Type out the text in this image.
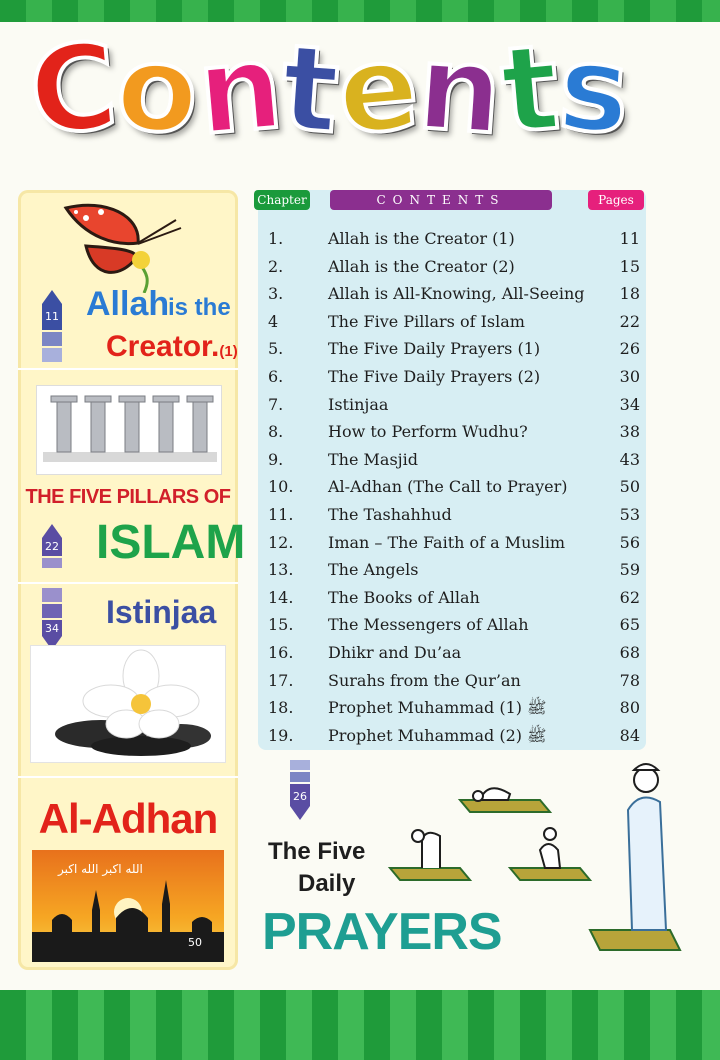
Contents
11 Allah
is the
Creator.(1)
THE FIVE PILLARS OF
22 ISLAM
34 Istinjaa
Al-Adhan
الله اكبر الله اكبر
50
Chapter	CONTENTS	Pages
1.	Allah is the Creator (1)	11
2.	Allah is the Creator (2)	15
3.	Allah is All-Knowing, All-Seeing 18
4	The Five Pillars of Islam	22
5.	The Five Daily Prayers (1)	26
6.	The Five Daily Prayers (2)	30
7.	Istinjaa	34
8.	How to Perform Wudhu?	38
9.	The Masjid	43
10. Al-Adhan (The Call to Prayer)	50
11. The Tashahhud	53
12. Iman – The Faith of a Muslim	56
13. The Angels	59
14. The Books of Allah	62
15. The Messengers of Allah	65
16. Dhikr and Du’aa	68
17. Surahs from the Qur’an	78
18. Prophet Muhammad ﷺ (1)	80
19. Prophet Muhammad ﷺ (2)	84
26
The Five
Daily
PRAYERS
